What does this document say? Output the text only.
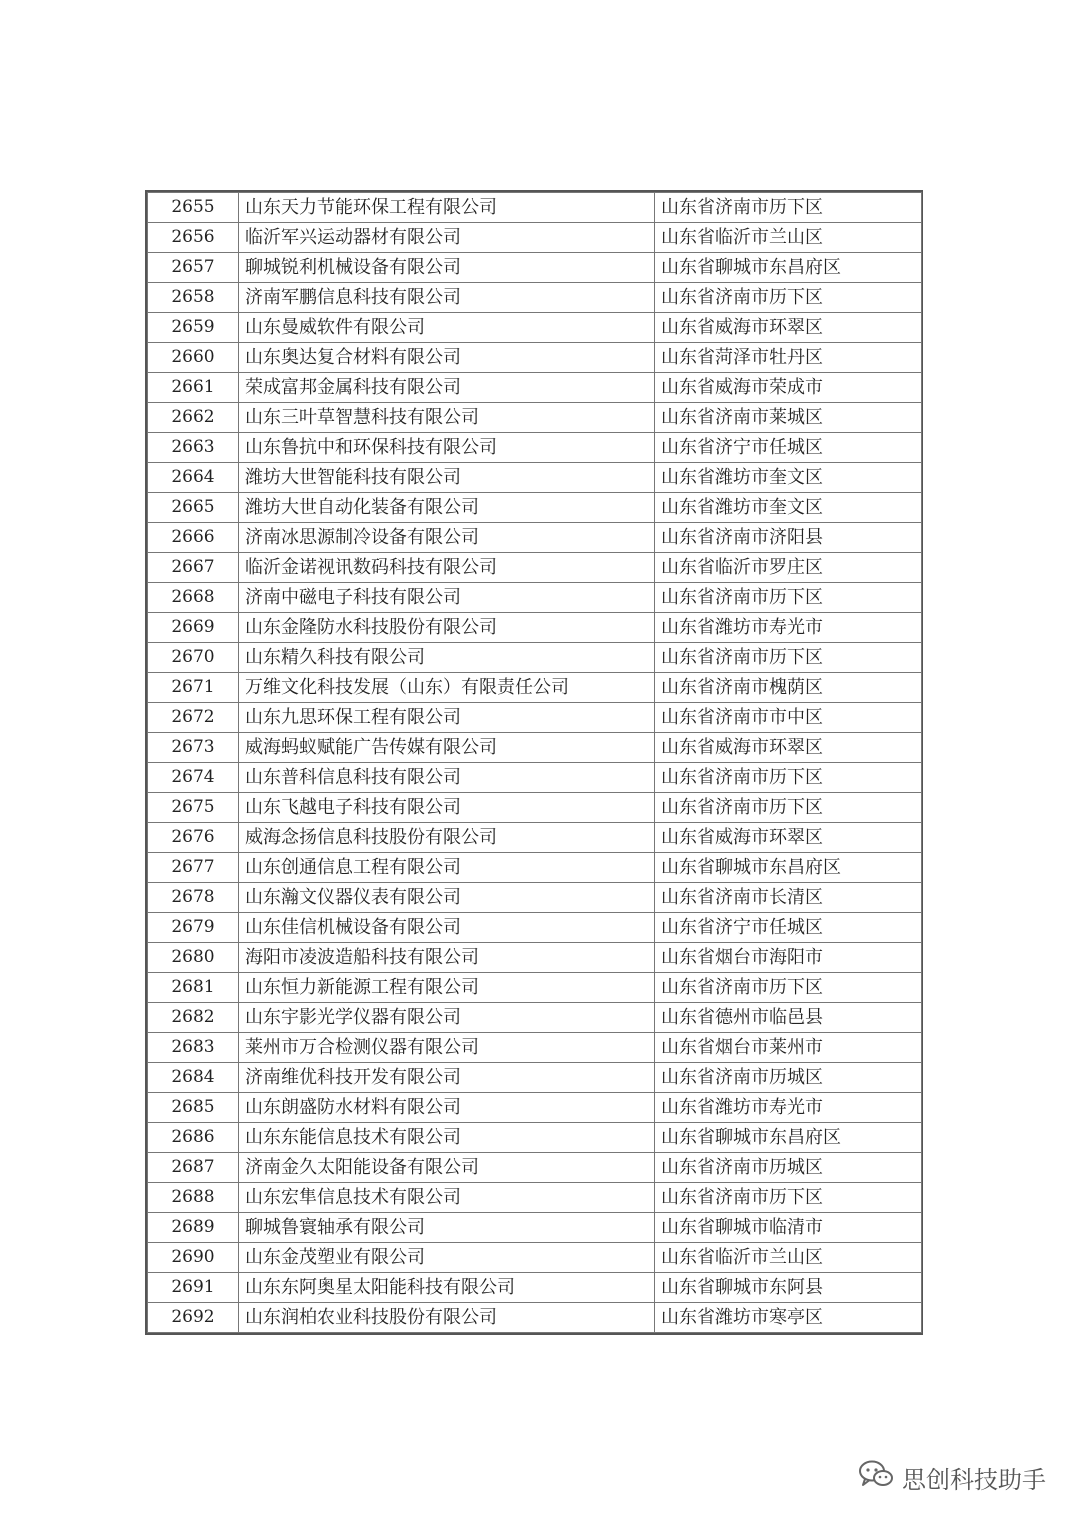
2655	山东天力节能环保工程有限公司	山东省济南市历下区
2656	临沂军兴运动器材有限公司	山东省临沂市兰山区
2657	聊城锐利机械设备有限公司	山东省聊城市东昌府区
2658	济南军鹏信息科技有限公司	山东省济南市历下区
2659	山东曼威软件有限公司	山东省威海市环翠区
2660	山东奥达复合材料有限公司	山东省菏泽市牡丹区
2661	荣成富邦金属科技有限公司	山东省威海市荣成市
2662	山东三叶草智慧科技有限公司	山东省济南市莱城区
2663	山东鲁抗中和环保科技有限公司	山东省济宁市任城区
2664	潍坊大世智能科技有限公司	山东省潍坊市奎文区
2665	潍坊大世自动化装备有限公司	山东省潍坊市奎文区
2666	济南冰思源制冷设备有限公司	山东省济南市济阳县
2667	临沂金诺视讯数码科技有限公司	山东省临沂市罗庄区
2668	济南中磁电子科技有限公司	山东省济南市历下区
2669	山东金隆防水科技股份有限公司	山东省潍坊市寿光市
2670	山东精久科技有限公司	山东省济南市历下区
2671	万维文化科技发展（山东）有限责任公司	山东省济南市槐荫区
2672	山东九思环保工程有限公司	山东省济南市市中区
2673	威海蚂蚁赋能广告传媒有限公司	山东省威海市环翠区
2674	山东普科信息科技有限公司	山东省济南市历下区
2675	山东飞越电子科技有限公司	山东省济南市历下区
2676	威海念扬信息科技股份有限公司	山东省威海市环翠区
2677	山东创通信息工程有限公司	山东省聊城市东昌府区
2678	山东瀚文仪器仪表有限公司	山东省济南市长清区
2679	山东佳信机械设备有限公司	山东省济宁市任城区
2680	海阳市凌波造船科技有限公司	山东省烟台市海阳市
2681	山东恒力新能源工程有限公司	山东省济南市历下区
2682	山东宇影光学仪器有限公司	山东省德州市临邑县
2683	莱州市万合检测仪器有限公司	山东省烟台市莱州市
2684	济南维优科技开发有限公司	山东省济南市历城区
2685	山东朗盛防水材料有限公司	山东省潍坊市寿光市
2686	山东东能信息技术有限公司	山东省聊城市东昌府区
2687	济南金久太阳能设备有限公司	山东省济南市历城区
2688	山东宏隼信息技术有限公司	山东省济南市历下区
2689	聊城鲁寰轴承有限公司	山东省聊城市临清市
2690	山东金茂塑业有限公司	山东省临沂市兰山区
2691	山东东阿奥星太阳能科技有限公司	山东省聊城市东阿县
2692	山东润柏农业科技股份有限公司	山东省潍坊市寒亭区
思创科技助手
